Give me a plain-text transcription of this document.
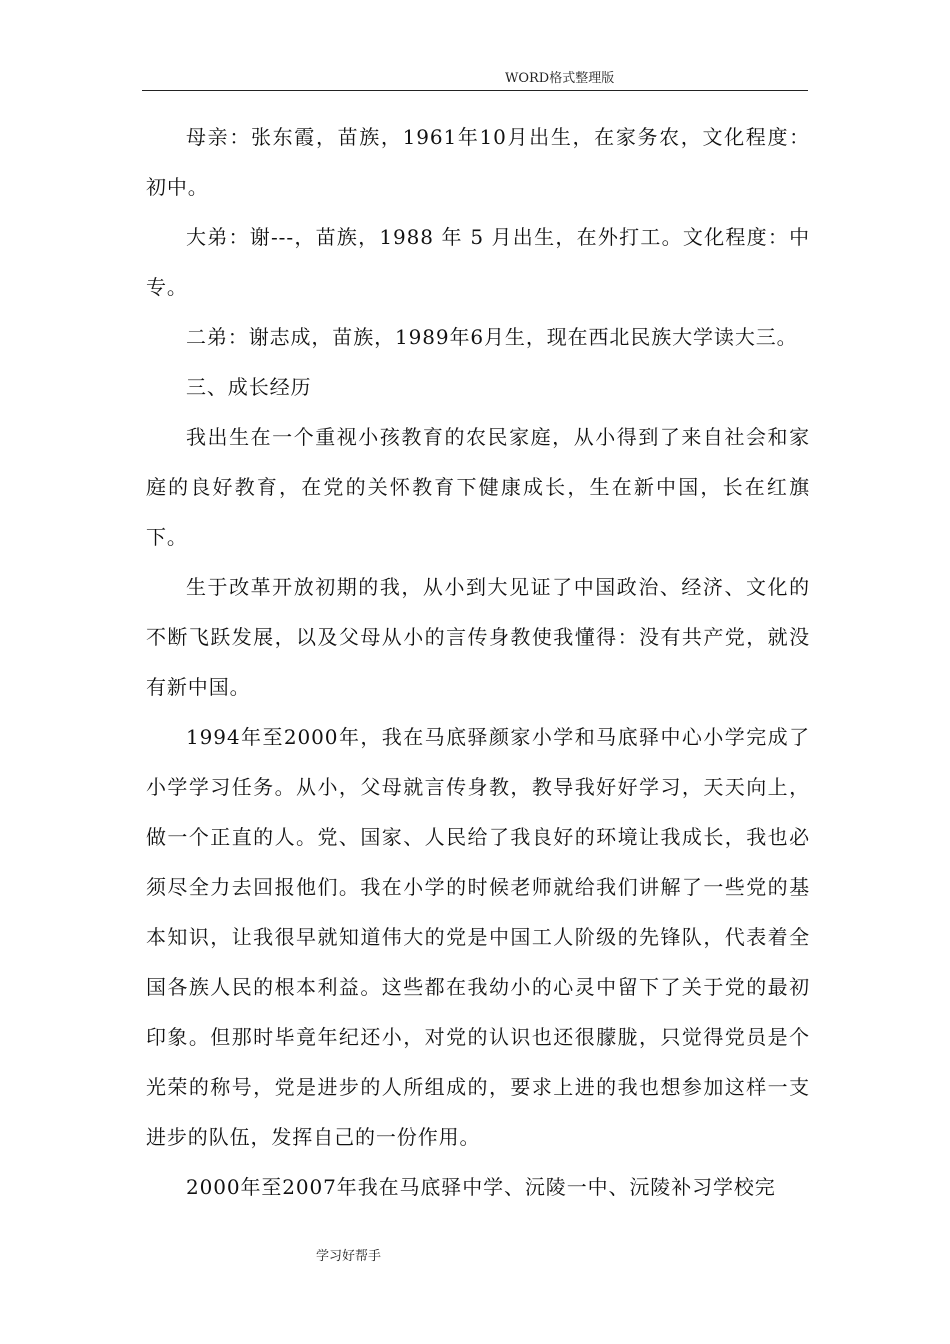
WORD格式整理版

母亲：张东霞，苗族，1961年10月出生，在家务农，文化程度：初中。

大弟：谢---，苗族，1988 年 5 月出生，在外打工。文化程度：中专。

二弟：谢志成，苗族，1989年6月生，现在西北民族大学读大三。

三、成长经历

我出生在一个重视小孩教育的农民家庭，从小得到了来自社会和家庭的良好教育，在党的关怀教育下健康成长，生在新中国，长在红旗下。

生于改革开放初期的我，从小到大见证了中国政治、经济、文化的不断飞跃发展，以及父母从小的言传身教使我懂得：没有共产党，就没有新中国。

1994年至2000年，我在马底驿颜家小学和马底驿中心小学完成了小学学习任务。从小，父母就言传身教，教导我好好学习，天天向上，做一个正直的人。党、国家、人民给了我良好的环境让我成长，我也必须尽全力去回报他们。我在小学的时候老师就给我们讲解了一些党的基本知识，让我很早就知道伟大的党是中国工人阶级的先锋队，代表着全国各族人民的根本利益。这些都在我幼小的心灵中留下了关于党的最初印象。但那时毕竟年纪还小，对党的认识也还很朦胧，只觉得党员是个光荣的称号，党是进步的人所组成的，要求上进的我也想参加这样一支进步的队伍，发挥自己的一份作用。

2000年至2007年我在马底驿中学、沅陵一中、沅陵补习学校完

学习好帮手
